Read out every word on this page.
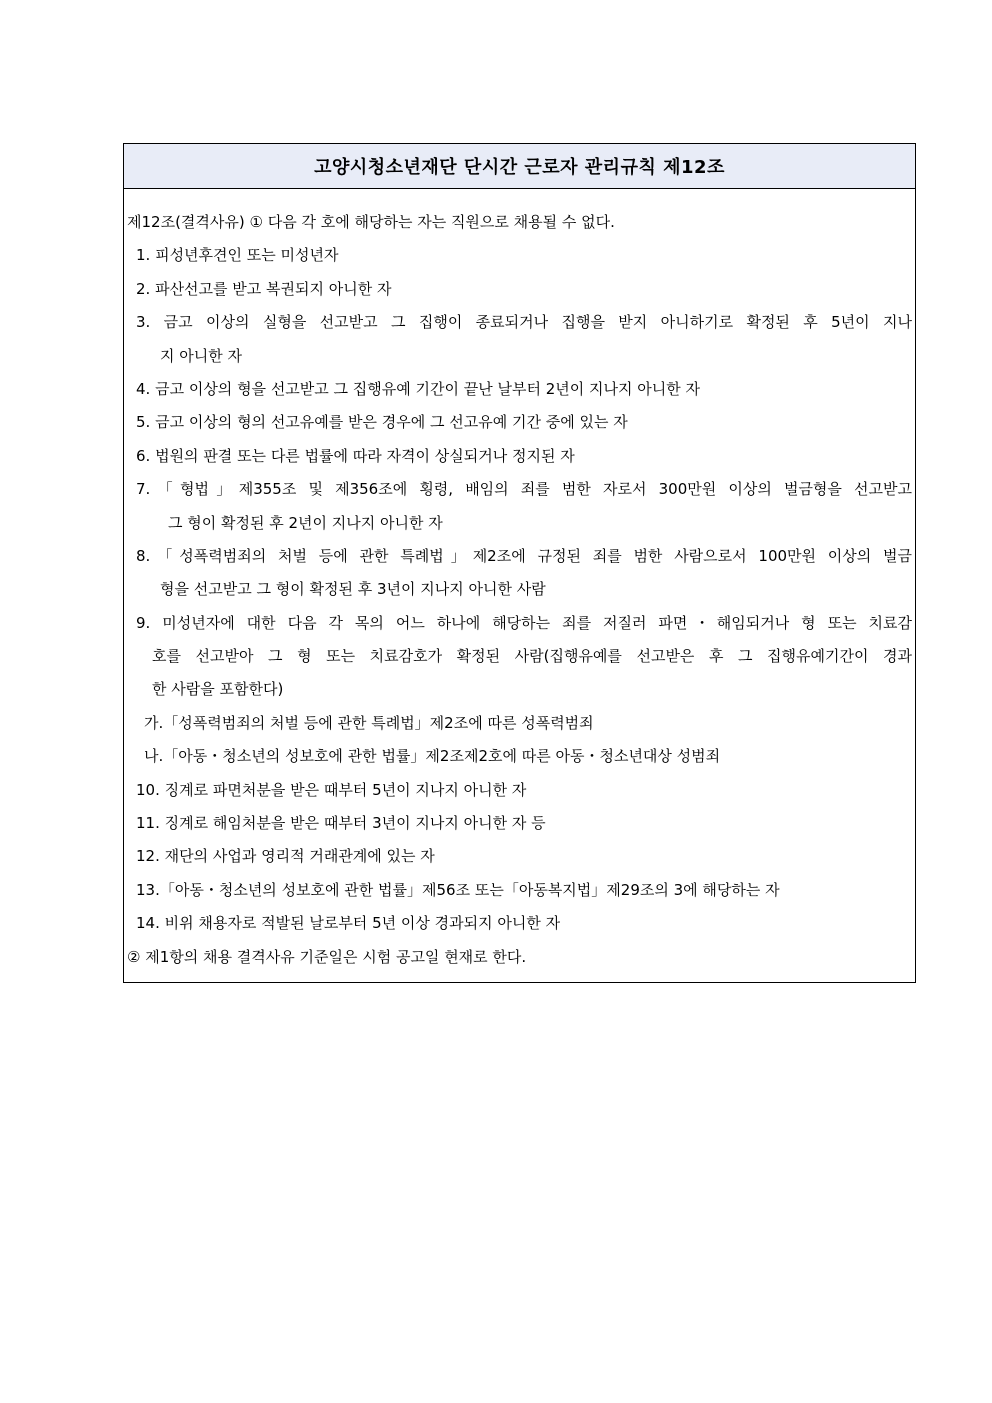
고양시청소년재단 단시간 근로자 관리규칙 제12조
제12조(결격사유) ① 다음 각 호에 해당하는 자는 직원으로 채용될 수 없다.
1. 피성년후견인 또는 미성년자
2. 파산선고를 받고 복권되지 아니한 자
3. 금고 이상의 실형을 선고받고 그 집행이 종료되거나 집행을 받지 아니하기로 확정된 후 5년이 지나
지 아니한 자
4. 금고 이상의 형을 선고받고 그 집행유예 기간이 끝난 날부터 2년이 지나지 아니한 자
5. 금고 이상의 형의 선고유예를 받은 경우에 그 선고유예 기간 중에 있는 자
6. 법원의 판결 또는 다른 법률에 따라 자격이 상실되거나 정지된 자
7.「형법」제355조 및 제356조에 횡령, 배임의 죄를 범한 자로서 300만원 이상의 벌금형을 선고받고
그 형이 확정된 후 2년이 지나지 아니한 자
8.「성폭력범죄의 처벌 등에 관한 특례법」제2조에 규정된 죄를 범한 사람으로서 100만원 이상의 벌금
형을 선고받고 그 형이 확정된 후 3년이 지나지 아니한 사람
9. 미성년자에 대한 다음 각 목의 어느 하나에 해당하는 죄를 저질러 파면・해임되거나 형 또는 치료감
호를 선고받아 그 형 또는 치료감호가 확정된 사람(집행유예를 선고받은 후 그 집행유예기간이 경과
한 사람을 포함한다)
가.「성폭력범죄의 처벌 등에 관한 특례법」제2조에 따른 성폭력범죄
나.「아동・청소년의 성보호에 관한 법률」제2조제2호에 따른 아동・청소년대상 성범죄
10. 징계로 파면처분을 받은 때부터 5년이 지나지 아니한 자
11. 징계로 해임처분을 받은 때부터 3년이 지나지 아니한 자 등
12. 재단의 사업과 영리적 거래관계에 있는 자
13.「아동・청소년의 성보호에 관한 법률」제56조 또는「아동복지법」제29조의 3에 해당하는 자
14. 비위 채용자로 적발된 날로부터 5년 이상 경과되지 아니한 자
② 제1항의 채용 결격사유 기준일은 시험 공고일 현재로 한다.
